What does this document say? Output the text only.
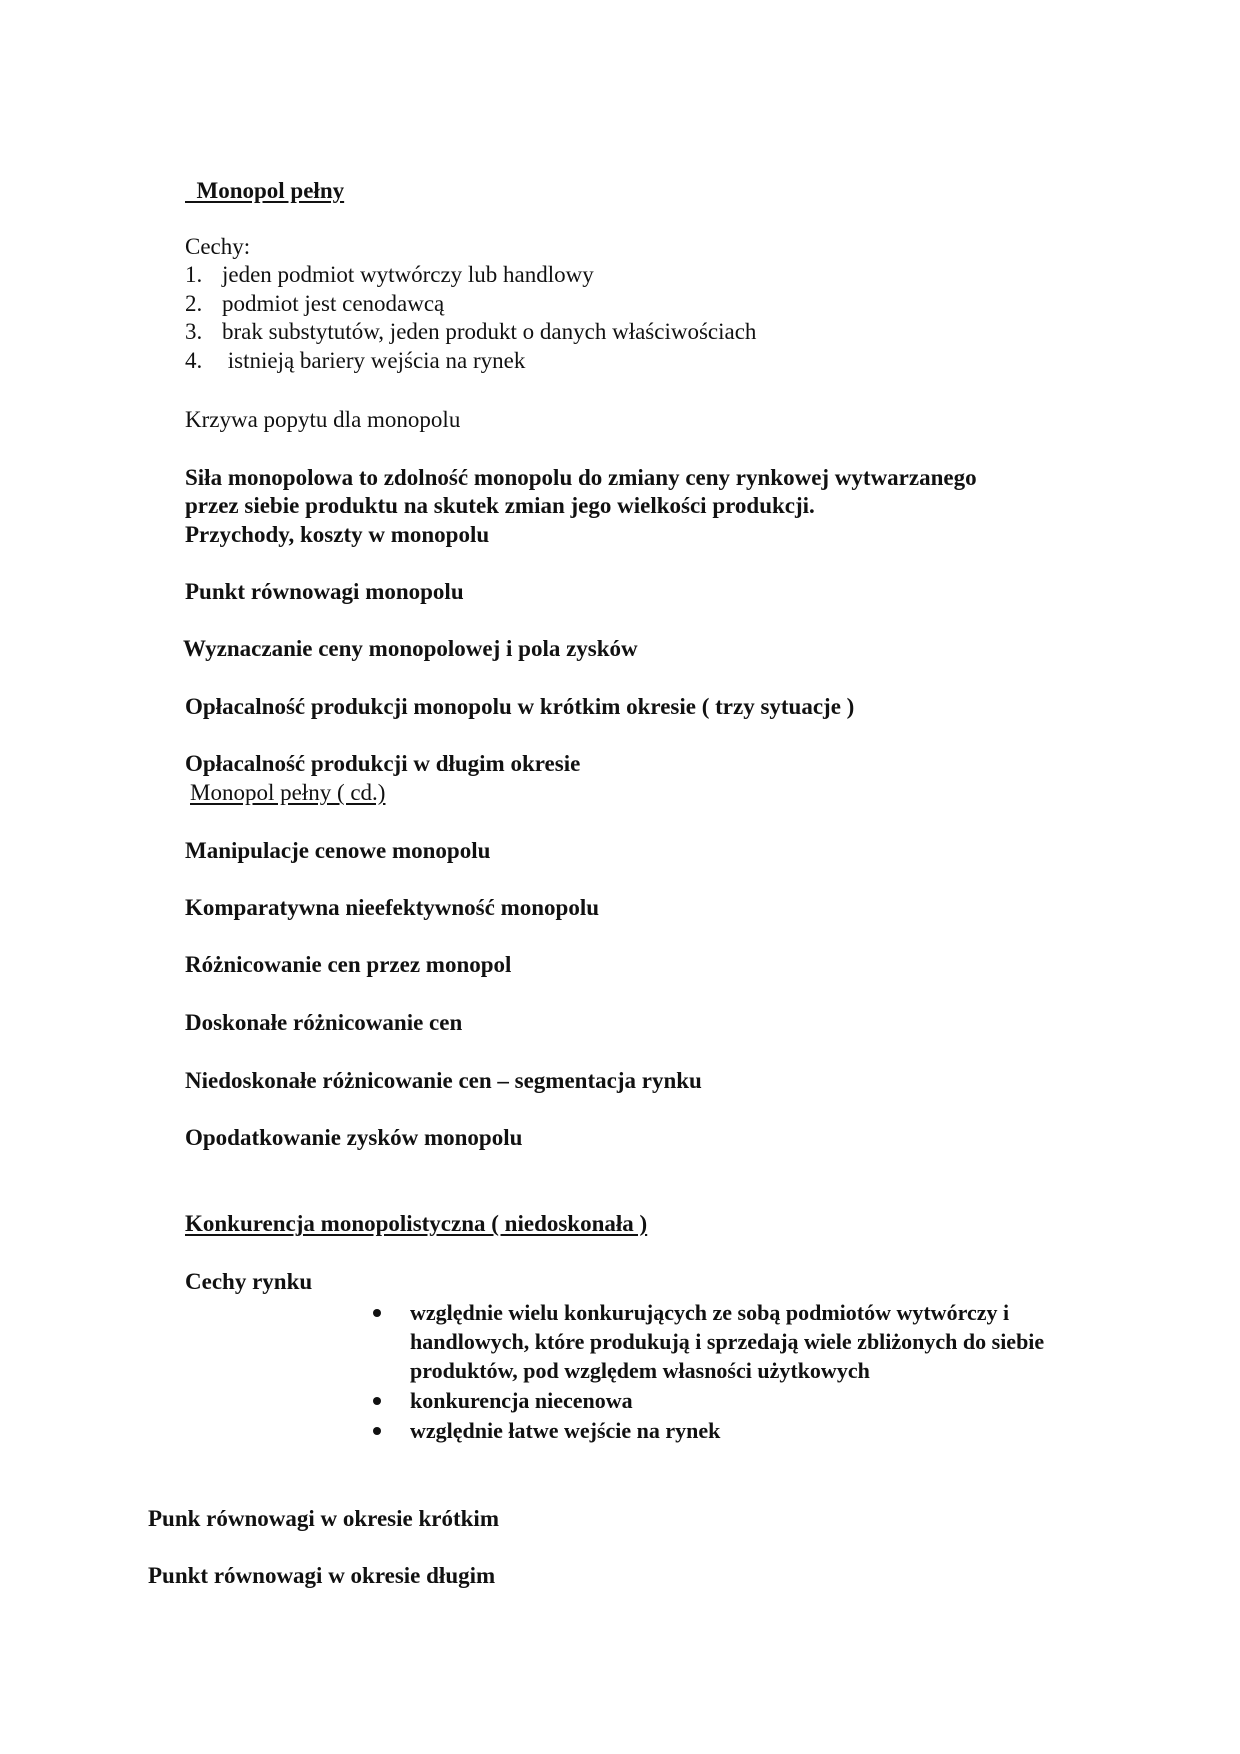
Monopol pełny
Cechy:
1. jeden podmiot wytwórczy lub handlowy
2. podmiot jest cenodawcą
3. brak substytutów, jeden produkt o danych właściwościach
4. istnieją bariery wejścia na rynek
Krzywa popytu dla monopolu
Siła monopolowa to zdolność monopolu do zmiany ceny rynkowej wytwarzanego
przez siebie produktu na skutek zmian jego wielkości produkcji.
Przychody, koszty w monopolu
Punkt równowagi monopolu
Wyznaczanie ceny monopolowej i pola zysków
Opłacalność produkcji monopolu w krótkim okresie ( trzy sytuacje )
Opłacalność produkcji w długim okresie
Monopol pełny ( cd.)
Manipulacje cenowe monopolu
Komparatywna nieefektywność monopolu
Różnicowanie cen przez monopol
Doskonałe różnicowanie cen
Niedoskonałe różnicowanie cen – segmentacja rynku
Opodatkowanie zysków monopolu
Konkurencja monopolistyczna ( niedoskonała )
Cechy rynku
względnie wielu konkurujących ze sobą podmiotów wytwórczy i handlowych, które produkują i sprzedają wiele zbliżonych do siebie produktów, pod względem własności użytkowych
konkurencja niecenowa
względnie łatwe wejście na rynek
Punk równowagi w okresie krótkim
Punkt równowagi w okresie długim
